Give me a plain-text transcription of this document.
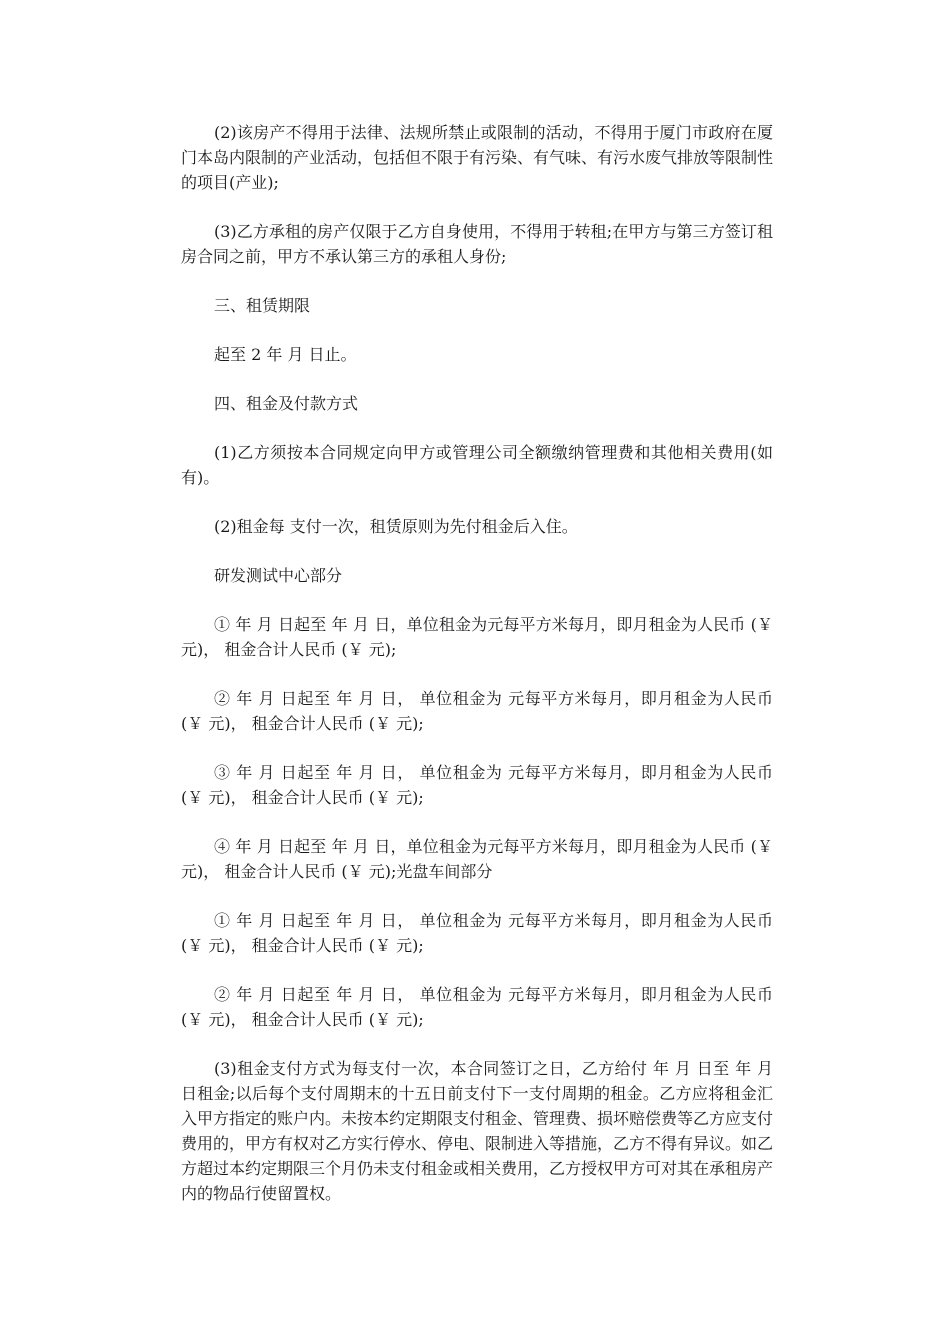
(2)该房产不得用于法律、法规所禁止或限制的活动，不得用于厦门市政府在厦门本岛内限制的产业活动，包括但不限于有污染、有气味、有污水废气排放等限制性的项目(产业);

(3)乙方承租的房产仅限于乙方自身使用，不得用于转租;在甲方与第三方签订租房合同之前，甲方不承认第三方的承租人身份;

三、租赁期限

起至 2 年 月 日止。

四、租金及付款方式

(1)乙方须按本合同规定向甲方或管理公司全额缴纳管理费和其他相关费用(如有)。

(2)租金每 支付一次，租赁原则为先付租金后入住。

研发测试中心部分

① 年 月 日起至 年 月 日，单位租金为元每平方米每月，即月租金为人民币 (￥ 元)， 租金合计人民币 (￥ 元);

② 年 月 日起至 年 月 日， 单位租金为 元每平方米每月，即月租金为人民币 (￥ 元)， 租金合计人民币 (￥ 元);

③ 年 月 日起至 年 月 日， 单位租金为 元每平方米每月，即月租金为人民币 (￥ 元)， 租金合计人民币 (￥ 元);

④ 年 月 日起至 年 月 日，单位租金为元每平方米每月，即月租金为人民币 (￥ 元)， 租金合计人民币 (￥ 元);光盘车间部分

① 年 月 日起至 年 月 日， 单位租金为 元每平方米每月，即月租金为人民币 (￥ 元)， 租金合计人民币 (￥ 元);

② 年 月 日起至 年 月 日， 单位租金为 元每平方米每月，即月租金为人民币 (￥ 元)， 租金合计人民币 (￥ 元);

(3)租金支付方式为每支付一次，本合同签订之日，乙方给付 年 月 日至 年 月 日租金;以后每个支付周期末的十五日前支付下一支付周期的租金。乙方应将租金汇入甲方指定的账户内。未按本约定期限支付租金、管理费、损坏赔偿费等乙方应支付费用的，甲方有权对乙方实行停水、停电、限制进入等措施，乙方不得有异议。如乙方超过本约定期限三个月仍未支付租金或相关费用，乙方授权甲方可对其在承租房产内的物品行使留置权。
